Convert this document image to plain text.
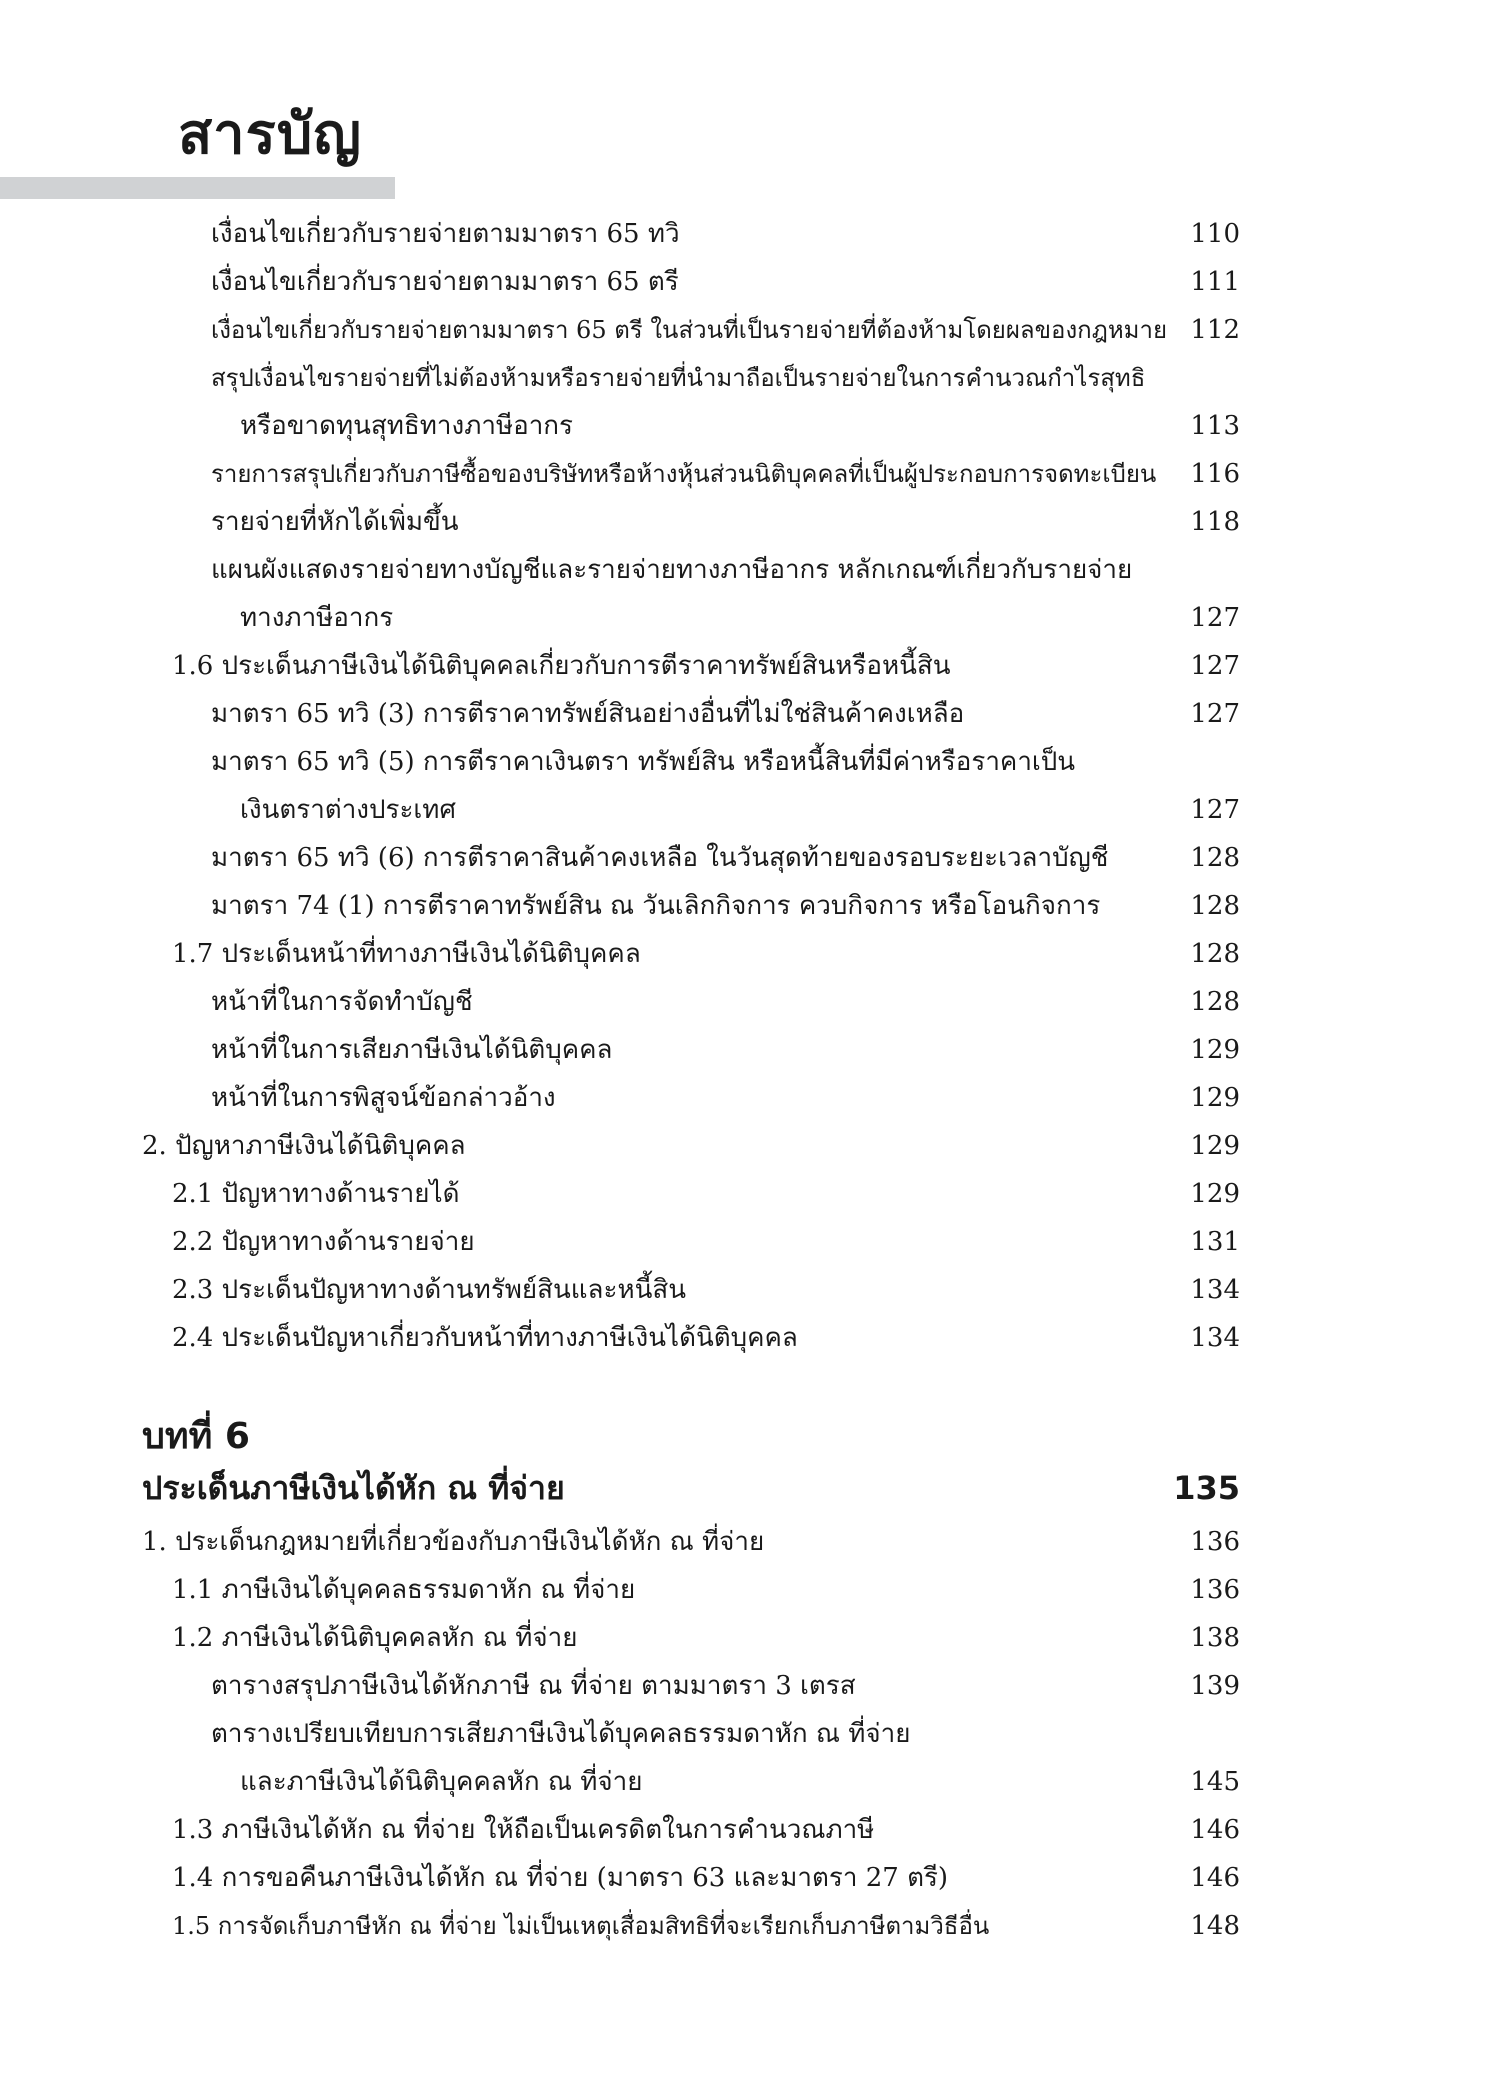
สารบัญ
เงื่อนไขเกี่ยวกับรายจ่ายตามมาตรา 65 ทวิ	110
เงื่อนไขเกี่ยวกับรายจ่ายตามมาตรา 65 ตรี	111
เงื่อนไขเกี่ยวกับรายจ่ายตามมาตรา 65 ตรี ในส่วนที่เป็นรายจ่ายที่ต้องห้ามโดยผลของกฎหมาย 112
สรุปเงื่อนไขรายจ่ายที่ไม่ต้องห้ามหรือรายจ่ายที่นำมาถือเป็นรายจ่ายในการคำนวณกำไรสุทธิ
หรือขาดทุนสุทธิทางภาษีอากร	113
รายการสรุปเกี่ยวกับภาษีซื้อของบริษัทหรือห้างหุ้นส่วนนิติบุคคลที่เป็นผู้ประกอบการจดทะเบียน 116
รายจ่ายที่หักได้เพิ่มขึ้น	118
แผนผังแสดงรายจ่ายทางบัญชีและรายจ่ายทางภาษีอากร หลักเกณฑ์เกี่ยวกับรายจ่าย
ทางภาษีอากร	127
1.6 ประเด็นภาษีเงินได้นิติบุคคลเกี่ยวกับการตีราคาทรัพย์สินหรือหนี้สิน	127
มาตรา 65 ทวิ (3) การตีราคาทรัพย์สินอย่างอื่นที่ไม่ใช่สินค้าคงเหลือ	127
มาตรา 65 ทวิ (5) การตีราคาเงินตรา ทรัพย์สิน หรือหนี้สินที่มีค่าหรือราคาเป็น
เงินตราต่างประเทศ	127
มาตรา 65 ทวิ (6) การตีราคาสินค้าคงเหลือ ในวันสุดท้ายของรอบระยะเวลาบัญชี	128
มาตรา 74 (1) การตีราคาทรัพย์สิน ณ วันเลิกกิจการ ควบกิจการ หรือโอนกิจการ	128
1.7 ประเด็นหน้าที่ทางภาษีเงินได้นิติบุคคล	128
หน้าที่ในการจัดทำบัญชี	128
หน้าที่ในการเสียภาษีเงินได้นิติบุคคล	129
หน้าที่ในการพิสูจน์ข้อกล่าวอ้าง	129
2. ปัญหาภาษีเงินได้นิติบุคคล	129
2.1 ปัญหาทางด้านรายได้	129
2.2 ปัญหาทางด้านรายจ่าย	131
2.3 ประเด็นปัญหาทางด้านทรัพย์สินและหนี้สิน	134
2.4 ประเด็นปัญหาเกี่ยวกับหน้าที่ทางภาษีเงินได้นิติบุคคล	134
บทที่ 6
ประเด็นภาษีเงินได้หัก ณ ที่จ่าย	135
1. ประเด็นกฎหมายที่เกี่ยวข้องกับภาษีเงินได้หัก ณ ที่จ่าย	136
1.1 ภาษีเงินได้บุคคลธรรมดาหัก ณ ที่จ่าย	136
1.2 ภาษีเงินได้นิติบุคคลหัก ณ ที่จ่าย	138
ตารางสรุปภาษีเงินได้หักภาษี ณ ที่จ่าย ตามมาตรา 3 เตรส	139
ตารางเปรียบเทียบการเสียภาษีเงินได้บุคคลธรรมดาหัก ณ ที่จ่าย
และภาษีเงินได้นิติบุคคลหัก ณ ที่จ่าย	145
1.3 ภาษีเงินได้หัก ณ ที่จ่าย ให้ถือเป็นเครดิตในการคำนวณภาษี	146
1.4 การขอคืนภาษีเงินได้หัก ณ ที่จ่าย (มาตรา 63 และมาตรา 27 ตรี)	146
1.5 การจัดเก็บภาษีหัก ณ ที่จ่าย ไม่เป็นเหตุเสื่อมสิทธิที่จะเรียกเก็บภาษีตามวิธีอื่น	148
